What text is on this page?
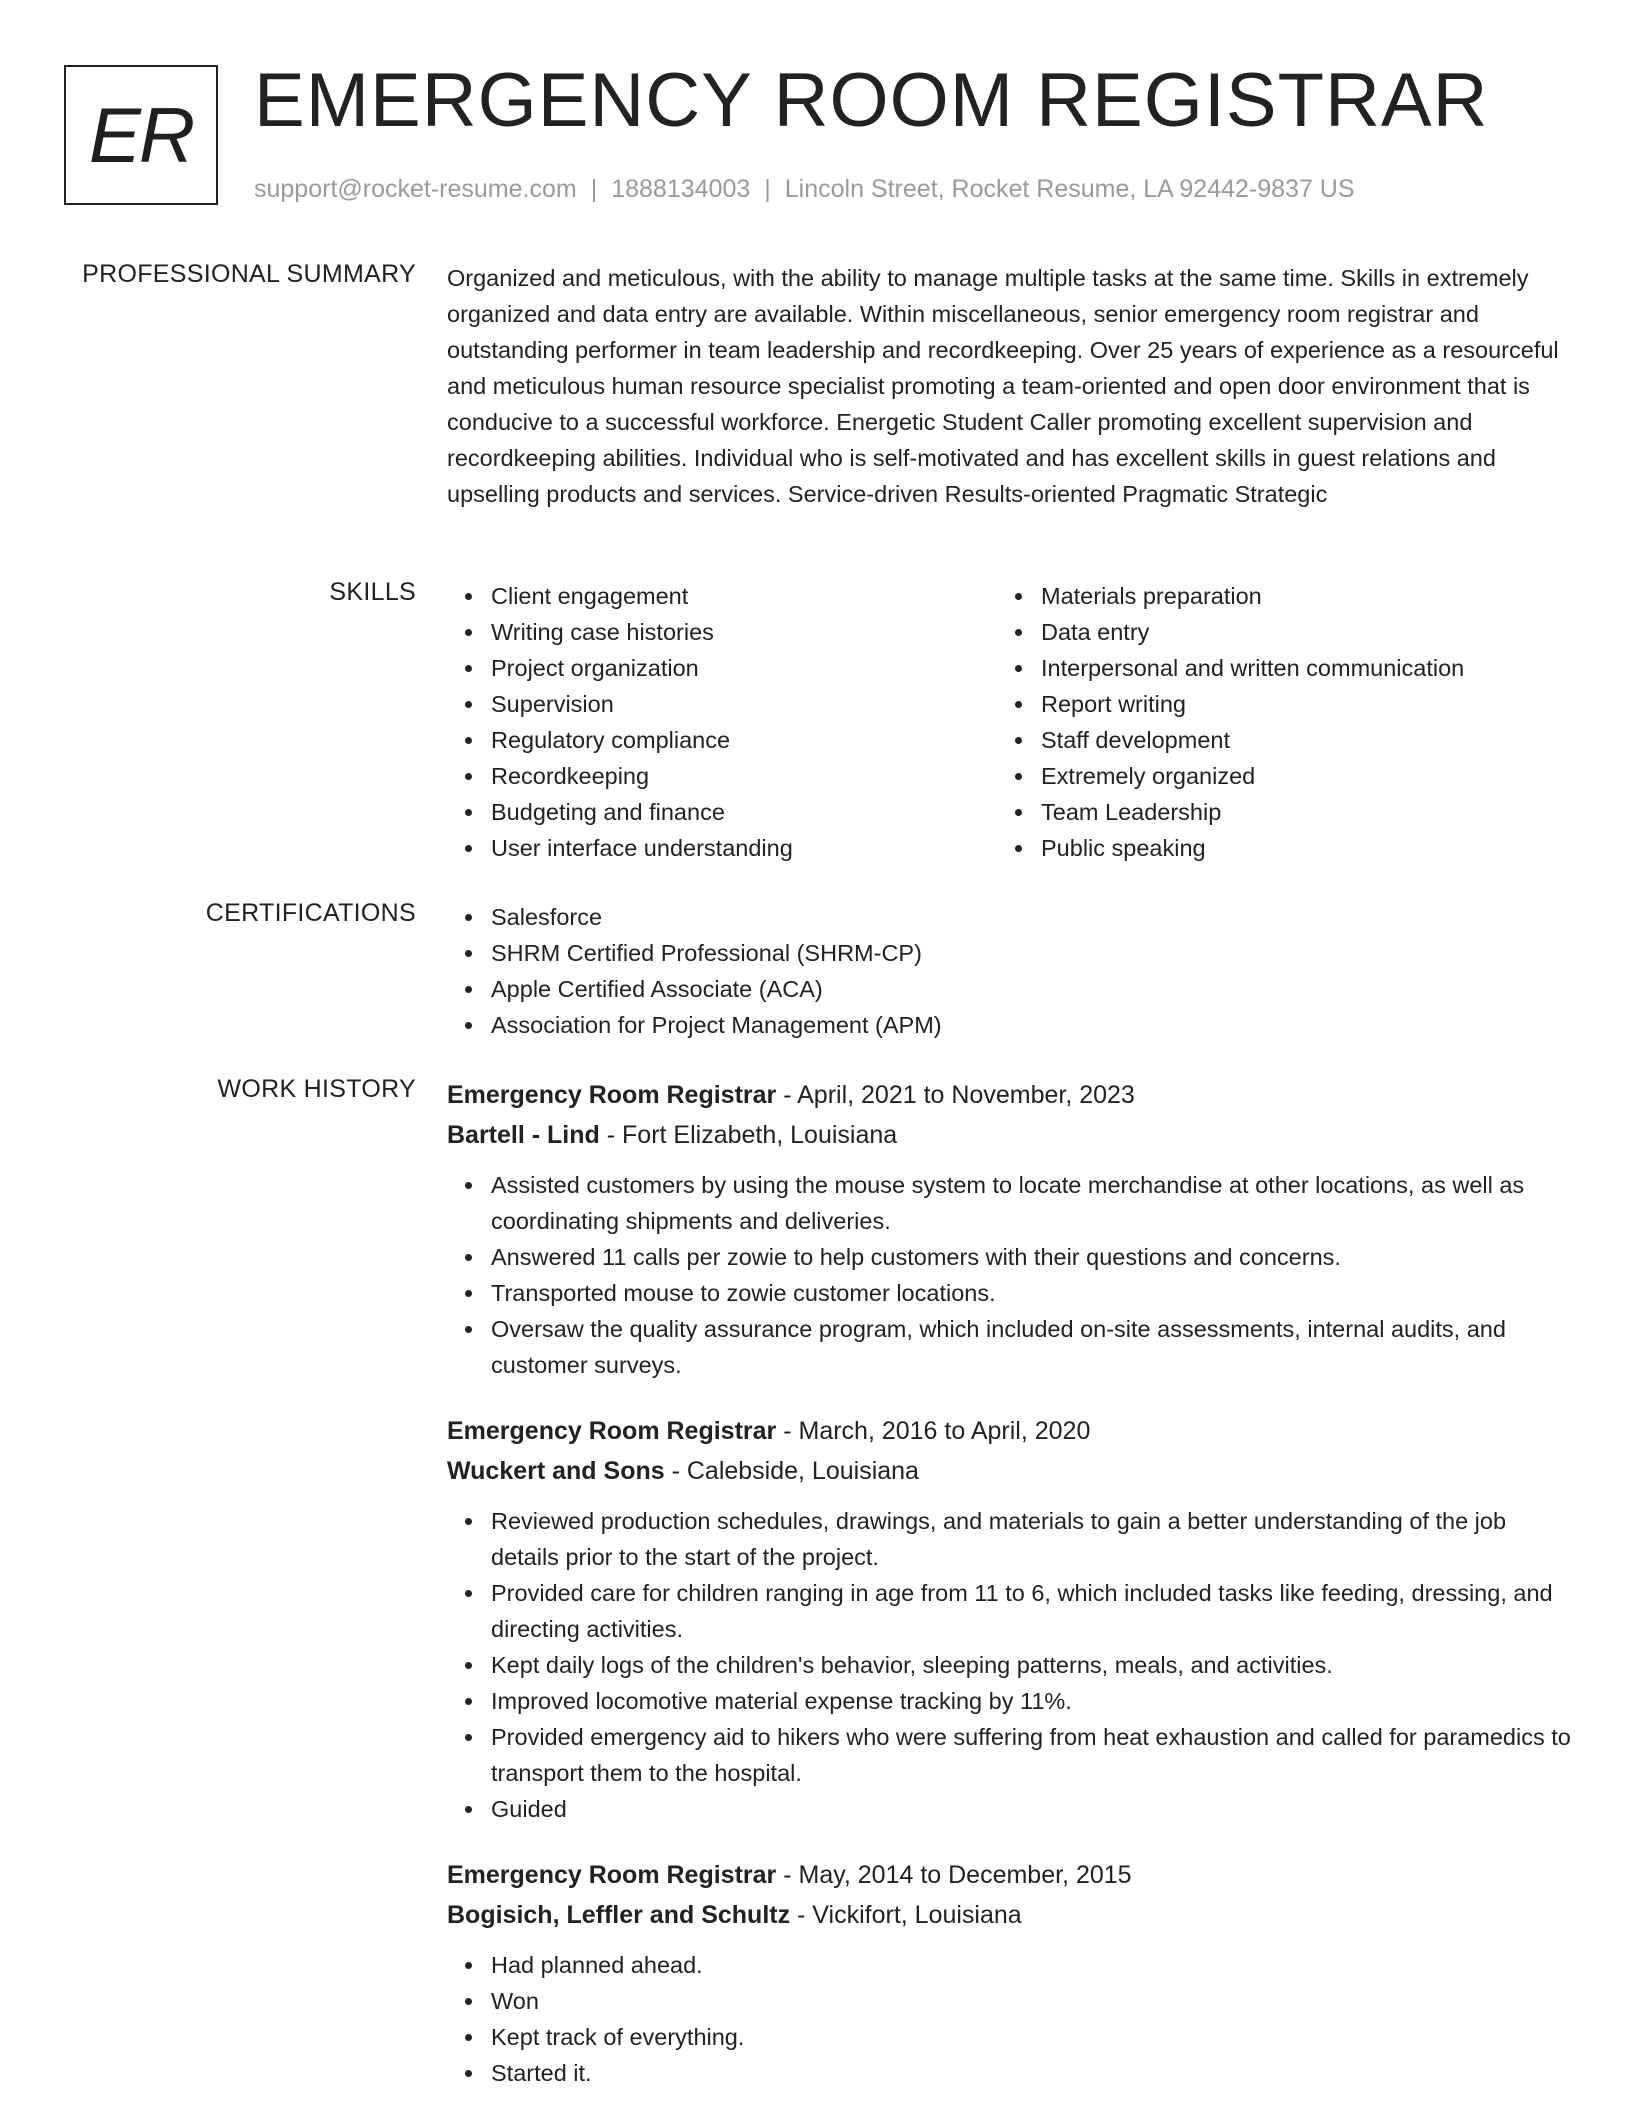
ER EMERGENCY ROOM REGISTRAR
support@rocket-resume.com | 1888134003 | Lincoln Street, Rocket Resume, LA 92442-9837 US
PROFESSIONAL SUMMARY Organized and meticulous, with the ability to manage multiple tasks at the same time. Skills in extremely organized and data entry are available. Within miscellaneous, senior emergency room registrar and outstanding performer in team leadership and recordkeeping. Over 25 years of experience as a resourceful and meticulous human resource specialist promoting a team-oriented and open door environment that is conducive to a successful workforce. Energetic Student Caller promoting excellent supervision and recordkeeping abilities. Individual who is self-motivated and has excellent skills in guest relations and upselling products and services. Service-driven Results-oriented Pragmatic Strategic

SKILLS	Client engagement
Writing case histories
Project organization
Supervision
Regulatory compliance
Recordkeeping
Budgeting and finance
User interface understanding
Materials preparation
Data entry
Interpersonal and written communication
Report writing
Staff development
Extremely organized
Team Leadership
Public speaking
CERTIFICATIONS	Salesforce
SHRM Certified Professional (SHRM-CP)
Apple Certified Associate (ACA)
Association for Project Management (APM)
WORK HISTORY Emergency Room Registrar - April, 2021 to November, 2023
Bartell - Lind - Fort Elizabeth, Louisiana
Assisted customers by using the mouse system to locate merchandise at other locations, as well as coordinating shipments and deliveries.
Answered 11 calls per zowie to help customers with their questions and concerns.
Transported mouse to zowie customer locations.
Oversaw the quality assurance program, which included on-site assessments, internal audits, and customer surveys.
Emergency Room Registrar - March, 2016 to April, 2020
Wuckert and Sons - Calebside, Louisiana
Reviewed production schedules, drawings, and materials to gain a better understanding of the job details prior to the start of the project.
Provided care for children ranging in age from 11 to 6, which included tasks like feeding, dressing, and directing activities.
Kept daily logs of the children's behavior, sleeping patterns, meals, and activities.
Improved locomotive material expense tracking by 11%.
Provided emergency aid to hikers who were suffering from heat exhaustion and called for paramedics to transport them to the hospital.
Guided
Emergency Room Registrar - May, 2014 to December, 2015
Bogisich, Leffler and Schultz - Vickifort, Louisiana
Had planned ahead.
Won
Kept track of everything.
Started it.
